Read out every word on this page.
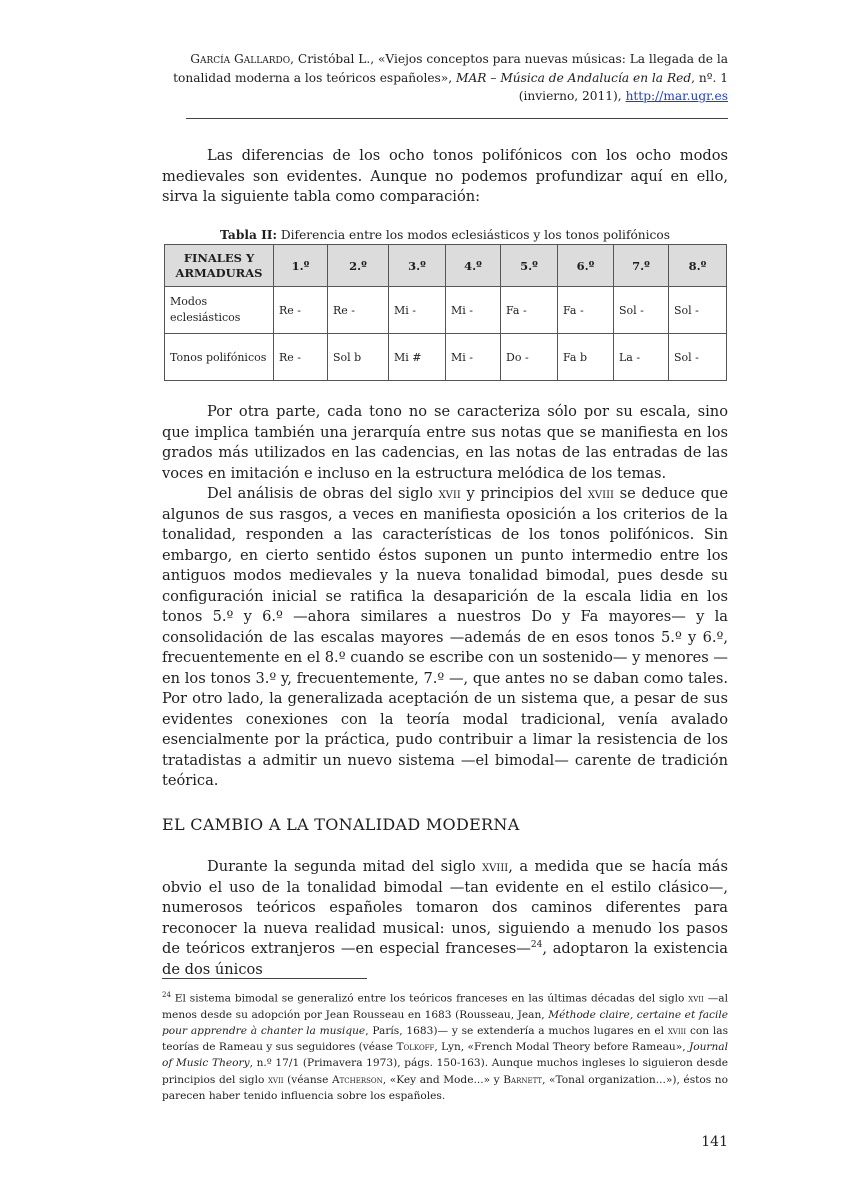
García Gallardo, Cristóbal L., «Viejos conceptos para nuevas músicas: La llegada de la tonalidad moderna a los teóricos españoles», MAR – Música de Andalucía en la Red, nº. 1 (invierno, 2011), http://mar.ugr.es
Las diferencias de los ocho tonos polifónicos con los ocho modos medievales son evidentes. Aunque no podemos profundizar aquí en ello, sirva la siguiente tabla como comparación:
Tabla II: Diferencia entre los modos eclesiásticos y los tonos polifónicos
FINALES Y ARMADURAS	1.º	2.º	3.º	4.º	5.º	6.º	7.º	8.º
Modos eclesiásticos	Re -	Re -	Mi -	Mi -	Fa -	Fa -	Sol -	Sol -
Tonos polifónicos	Re -	Sol b	Mi #	Mi -	Do -	Fa b	La -	Sol -
Por otra parte, cada tono no se caracteriza sólo por su escala, sino que implica también una jerarquía entre sus notas que se manifiesta en los grados más utilizados en las cadencias, en las notas de las entradas de las voces en imitación e incluso en la estructura melódica de los temas.
Del análisis de obras del siglo xvii y principios del xviii se deduce que algunos de sus rasgos, a veces en manifiesta oposición a los criterios de la tonalidad, responden a las características de los tonos polifónicos. Sin embargo, en cierto sentido éstos suponen un punto intermedio entre los antiguos modos medievales y la nueva tonalidad bimodal, pues desde su configuración inicial se ratifica la desaparición de la escala lidia en los tonos 5.º y 6.º —ahora similares a nuestros Do y Fa mayores— y la consolidación de las escalas mayores —además de en esos tonos 5.º y 6.º, frecuentemente en el 8.º cuando se escribe con un sostenido— y menores —en los tonos 3.º y, frecuentemente, 7.º —, que antes no se daban como tales. Por otro lado, la generalizada aceptación de un sistema que, a pesar de sus evidentes conexiones con la teoría modal tradicional, venía avalado esencialmente por la práctica, pudo contribuir a limar la resistencia de los tratadistas a admitir un nuevo sistema —el bimodal— carente de tradición teórica.
EL CAMBIO A LA TONALIDAD MODERNA
Durante la segunda mitad del siglo xviii, a medida que se hacía más obvio el uso de la tonalidad bimodal —tan evidente en el estilo clásico—, numerosos teóricos españoles tomaron dos caminos diferentes para reconocer la nueva realidad musical: unos, siguiendo a menudo los pasos de teóricos extranjeros —en especial franceses—$^{24}$, adoptaron la existencia de dos únicos
$^{24}$ El sistema bimodal se generalizó entre los teóricos franceses en las últimas décadas del siglo xvii —al menos desde su adopción por Jean Rousseau en 1683 (Rousseau, Jean, Méthode claire, certaine et facile pour apprendre à chanter la musique, París, 1683)— y se extendería a muchos lugares en el xviii con las teorías de Rameau y sus seguidores (véase Tolkoff, Lyn, «French Modal Theory before Rameau», Journal of Music Theory, n.º 17/1 (Primavera 1973), págs. 150-163). Aunque muchos ingleses lo siguieron desde principios del siglo xvii (véanse Atcherson, «Key and Mode...» y Barnett, «Tonal organization...»), éstos no parecen haber tenido influencia sobre los españoles.
141
